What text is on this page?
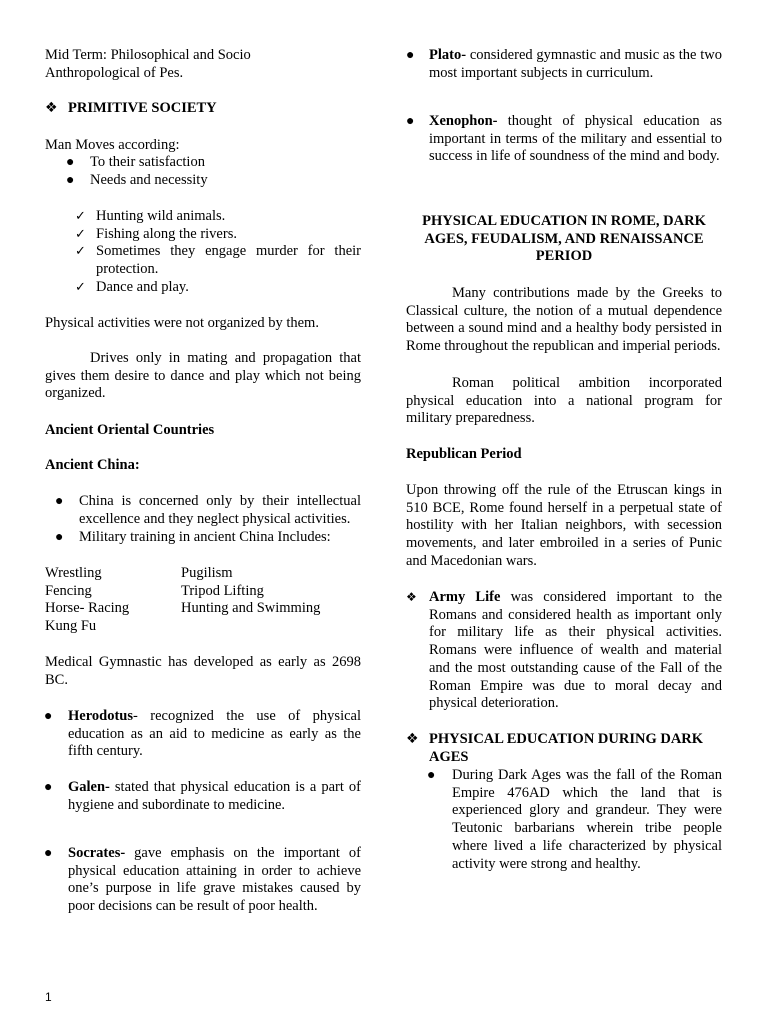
Mid Term: Philosophical and Socio Anthropological of Pes.
❖ PRIMITIVE SOCIETY
Man Moves according:
● To their satisfaction
● Needs and necessity
✓ Hunting wild animals.
✓ Fishing along the rivers.
✓ Sometimes they engage murder for their protection.
✓ Dance and play.
Physical activities were not organized by them.
Drives only in mating and propagation that gives them desire to dance and play which not being organized.
Ancient Oriental Countries
Ancient China:
● China is concerned only by their intellectual excellence and they neglect physical activities.
● Military training in ancient China Includes:
Wrestling
Fencing
Horse- Racing
Kung Fu
Pugilism
Tripod Lifting
Hunting and Swimming
Medical Gymnastic has developed as early as 2698 BC.
● Herodotus- recognized the use of physical education as an aid to medicine as early as the fifth century.
● Galen- stated that physical education is a part of hygiene and subordinate to medicine.
● Socrates- gave emphasis on the important of physical education attaining in order to achieve one’s purpose in life grave mistakes caused by poor decisions can be result of poor health.
● Plato- considered gymnastic and music as the two most important subjects in curriculum.
● Xenophon- thought of physical education as important in terms of the military and essential to success in life of soundness of the mind and body.
PHYSICAL EDUCATION IN ROME, DARK AGES, FEUDALISM, AND RENAISSANCE PERIOD
Many contributions made by the Greeks to Classical culture, the notion of a mutual dependence between a sound mind and a healthy body persisted in Rome throughout the republican and imperial periods.
Roman political ambition incorporated physical education into a national program for military preparedness.
Republican Period
Upon throwing off the rule of the Etruscan kings in 510 BCE, Rome found herself in a perpetual state of hostility with her Italian neighbors, with secession movements, and later embroiled in a series of Punic and Macedonian wars.
❖ Army Life was considered important to the Romans and considered health as important only for military life as their physical activities. Romans were influence of wealth and material and the most outstanding cause of the Fall of the Roman Empire was due to moral decay and physical deterioration.
❖ PHYSICAL EDUCATION DURING DARK AGES
● During Dark Ages was the fall of the Roman Empire 476AD which the land that is experienced glory and grandeur. They were Teutonic barbarians wherein tribe people where lived a life characterized by physical activity were strong and healthy.
1
